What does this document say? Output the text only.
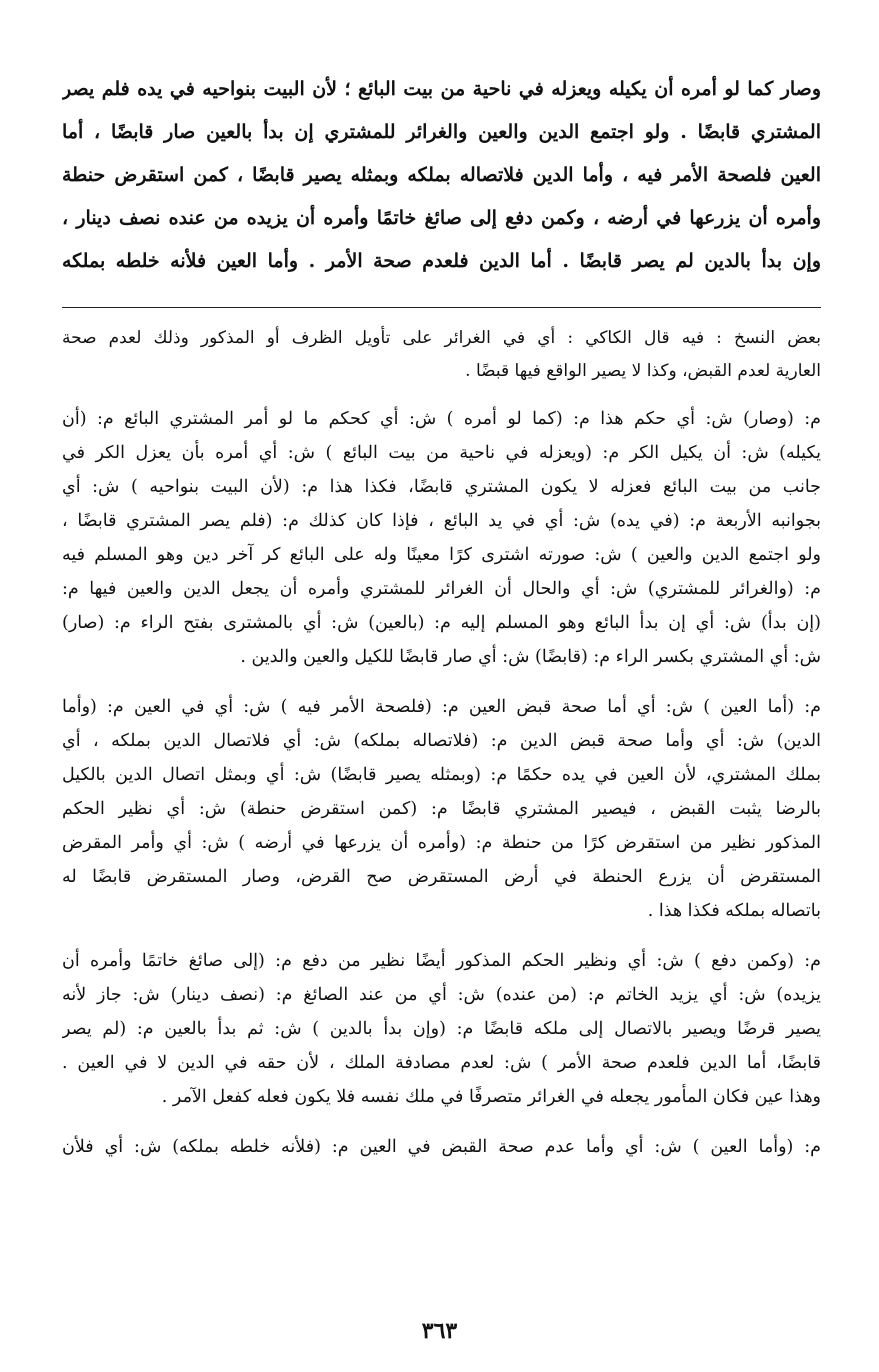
وصار كما لو أمره أن يكيله ويعزله في ناحية من بيت البائع ؛ لأن البيت بنواحيه في يده فلم يصر
المشتري قابضًا . ولو اجتمع الدين والعين والغرائر للمشتري إن بدأ بالعين صار قابضًا ، أما
العين فلصحة الأمر فيه ، وأما الدين فلاتصاله بملكه وبمثله يصير قابضًا ، كمن استقرض حنطة
وأمره أن يزرعها في أرضه ، وكمن دفع إلى صائغ خاتمًا وأمره أن يزيده من عنده نصف دينار ،
وإن بدأ بالدين لم يصر قابضًا . أما الدين فلعدم صحة الأمر . وأما العين فلأنه خلطه بملكه
بعض النسخ : فيه قال الكاكي : أي في الغرائر على تأويل الظرف أو المذكور وذلك لعدم صحة
العارية لعدم القبض، وكذا لا يصير الواقع فيها قبضًا .
م: (وصار) ش: أي حكم هذا م: (كما لو أمره ) ش: أي كحكم ما لو أمر المشتري البائع م: (أن
يكيله) ش: أن يكيل الكر م: (ويعزله في ناحية من بيت البائع ) ش: أي أمره بأن يعزل الكر في
جانب من بيت البائع فعزله لا يكون المشتري قابضًا، فكذا هذا م: (لأن البيت بنواحيه ) ش: أي
بجوانبه الأربعة م: (في يده) ش: أي في يد البائع ، فإذا كان كذلك م: (فلم يصر المشتري قابضًا ،
ولو اجتمع الدين والعين ) ش: صورته اشترى كرًا معينًا وله على البائع كر آخر دين وهو المسلم فيه
م: (والغرائر للمشتري) ش: أي والحال أن الغرائر للمشتري وأمره أن يجعل الدين والعين فيها م:
(إن بدأ) ش: أي إن بدأ البائع وهو المسلم إليه م: (بالعين) ش: أي بالمشترى بفتح الراء م: (صار)
ش: أي المشتري بكسر الراء م: (قابضًا) ش: أي صار قابضًا للكيل والعين والدين .
م: (أما العين ) ش: أي أما صحة قبض العين م: (فلصحة الأمر فيه ) ش: أي في العين م: (وأما
الدين) ش: أي وأما صحة قبض الدين م: (فلاتصاله بملكه) ش: أي فلاتصال الدين بملكه ، أي
بملك المشتري، لأن العين في يده حكمًا م: (وبمثله يصير قابضًا) ش: أي وبمثل اتصال الدين بالكيل
بالرضا يثبت القبض ، فيصير المشتري قابضًا م: (كمن استقرض حنطة) ش: أي نظير الحكم
المذكور نظير من استقرض كرًا من حنطة م: (وأمره أن يزرعها في أرضه ) ش: أي وأمر المقرض
المستقرض أن يزرع الحنطة في أرض المستقرض صح القرض، وصار المستقرض قابضًا له
باتصاله بملكه فكذا هذا .
م: (وكمن دفع ) ش: أي ونظير الحكم المذكور أيضًا نظير من دفع م: (إلى صائغ خاتمًا وأمره أن
يزيده) ش: أي يزيد الخاتم م: (من عنده) ش: أي من عند الصائغ م: (نصف دينار) ش: جاز لأنه
يصير قرضًا ويصير بالاتصال إلى ملكه قابضًا م: (وإن بدأ بالدين ) ش: ثم بدأ بالعين م: (لم يصر
قابضًا، أما الدين فلعدم صحة الأمر ) ش: لعدم مصادفة الملك ، لأن حقه في الدين لا في العين .
وهذا عين فكان المأمور يجعله في الغرائر متصرفًا في ملك نفسه فلا يكون فعله كفعل الآمر .
م: (وأما العين ) ش: أي وأما عدم صحة القبض في العين م: (فلأنه خلطه بملكه) ش: أي فلأن
٣٦٣
